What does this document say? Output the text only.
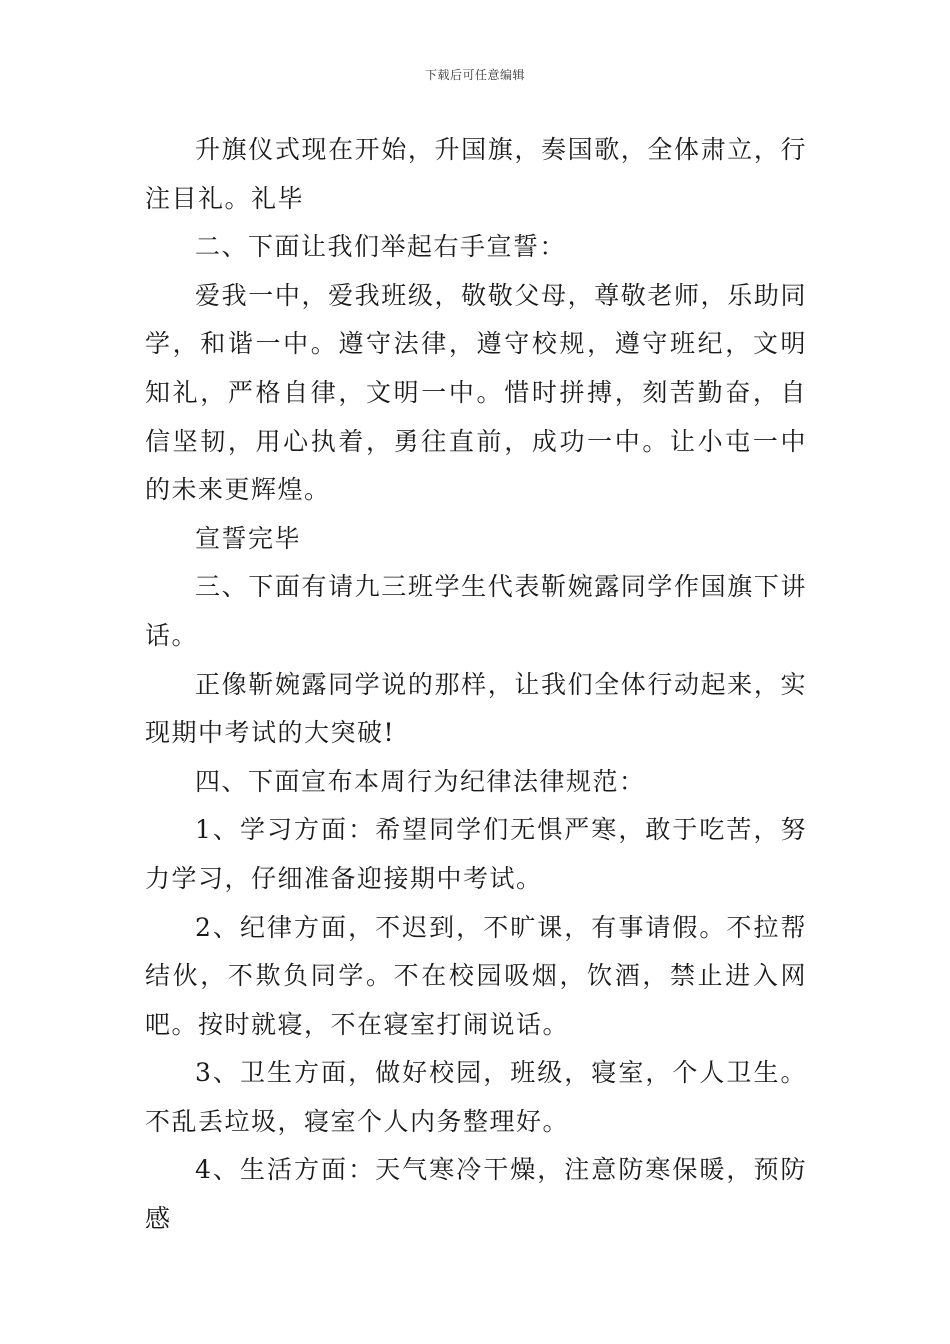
下载后可任意编辑

升旗仪式现在开始，升国旗，奏国歌，全体肃立，行注目礼。礼毕

二、下面让我们举起右手宣誓：

爱我一中，爱我班级，敬敬父母，尊敬老师，乐助同学，和谐一中。遵守法律，遵守校规，遵守班纪，文明知礼，严格自律，文明一中。惜时拼搏，刻苦勤奋，自信坚韧，用心执着，勇往直前，成功一中。让小屯一中的未来更辉煌。

宣誓完毕

三、下面有请九三班学生代表靳婉露同学作国旗下讲话。

正像靳婉露同学说的那样，让我们全体行动起来，实现期中考试的大突破!

四、下面宣布本周行为纪律法律规范：

1、学习方面：希望同学们无惧严寒，敢于吃苦，努力学习，仔细准备迎接期中考试。

2、纪律方面，不迟到，不旷课，有事请假。不拉帮结伙，不欺负同学。不在校园吸烟，饮酒，禁止进入网吧。按时就寝，不在寝室打闹说话。

3、卫生方面，做好校园，班级，寝室，个人卫生。不乱丢垃圾，寝室个人内务整理好。

4、生活方面：天气寒冷干燥，注意防寒保暖，预防感
